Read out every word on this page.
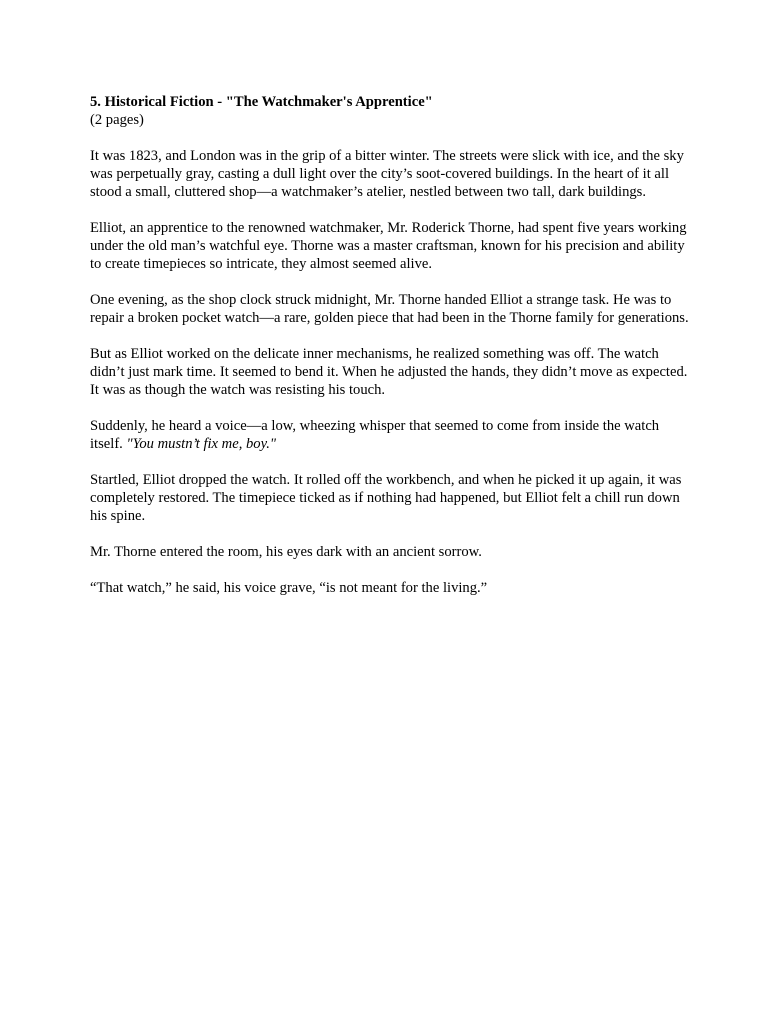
5. Historical Fiction - "The Watchmaker's Apprentice"

(2 pages)

It was 1823, and London was in the grip of a bitter winter. The streets were slick with ice, and the sky was perpetually gray, casting a dull light over the city’s soot-covered buildings. In the heart of it all stood a small, cluttered shop—a watchmaker’s atelier, nestled between two tall, dark buildings.

Elliot, an apprentice to the renowned watchmaker, Mr. Roderick Thorne, had spent five years working under the old man’s watchful eye. Thorne was a master craftsman, known for his precision and ability to create timepieces so intricate, they almost seemed alive.

One evening, as the shop clock struck midnight, Mr. Thorne handed Elliot a strange task. He was to repair a broken pocket watch—a rare, golden piece that had been in the Thorne family for generations.

But as Elliot worked on the delicate inner mechanisms, he realized something was off. The watch didn’t just mark time. It seemed to bend it. When he adjusted the hands, they didn’t move as expected. It was as though the watch was resisting his touch.

Suddenly, he heard a voice—a low, wheezing whisper that seemed to come from inside the watch itself. "You mustn’t fix me, boy."

Startled, Elliot dropped the watch. It rolled off the workbench, and when he picked it up again, it was completely restored. The timepiece ticked as if nothing had happened, but Elliot felt a chill run down his spine.

Mr. Thorne entered the room, his eyes dark with an ancient sorrow.

“That watch,” he said, his voice grave, “is not meant for the living.”
